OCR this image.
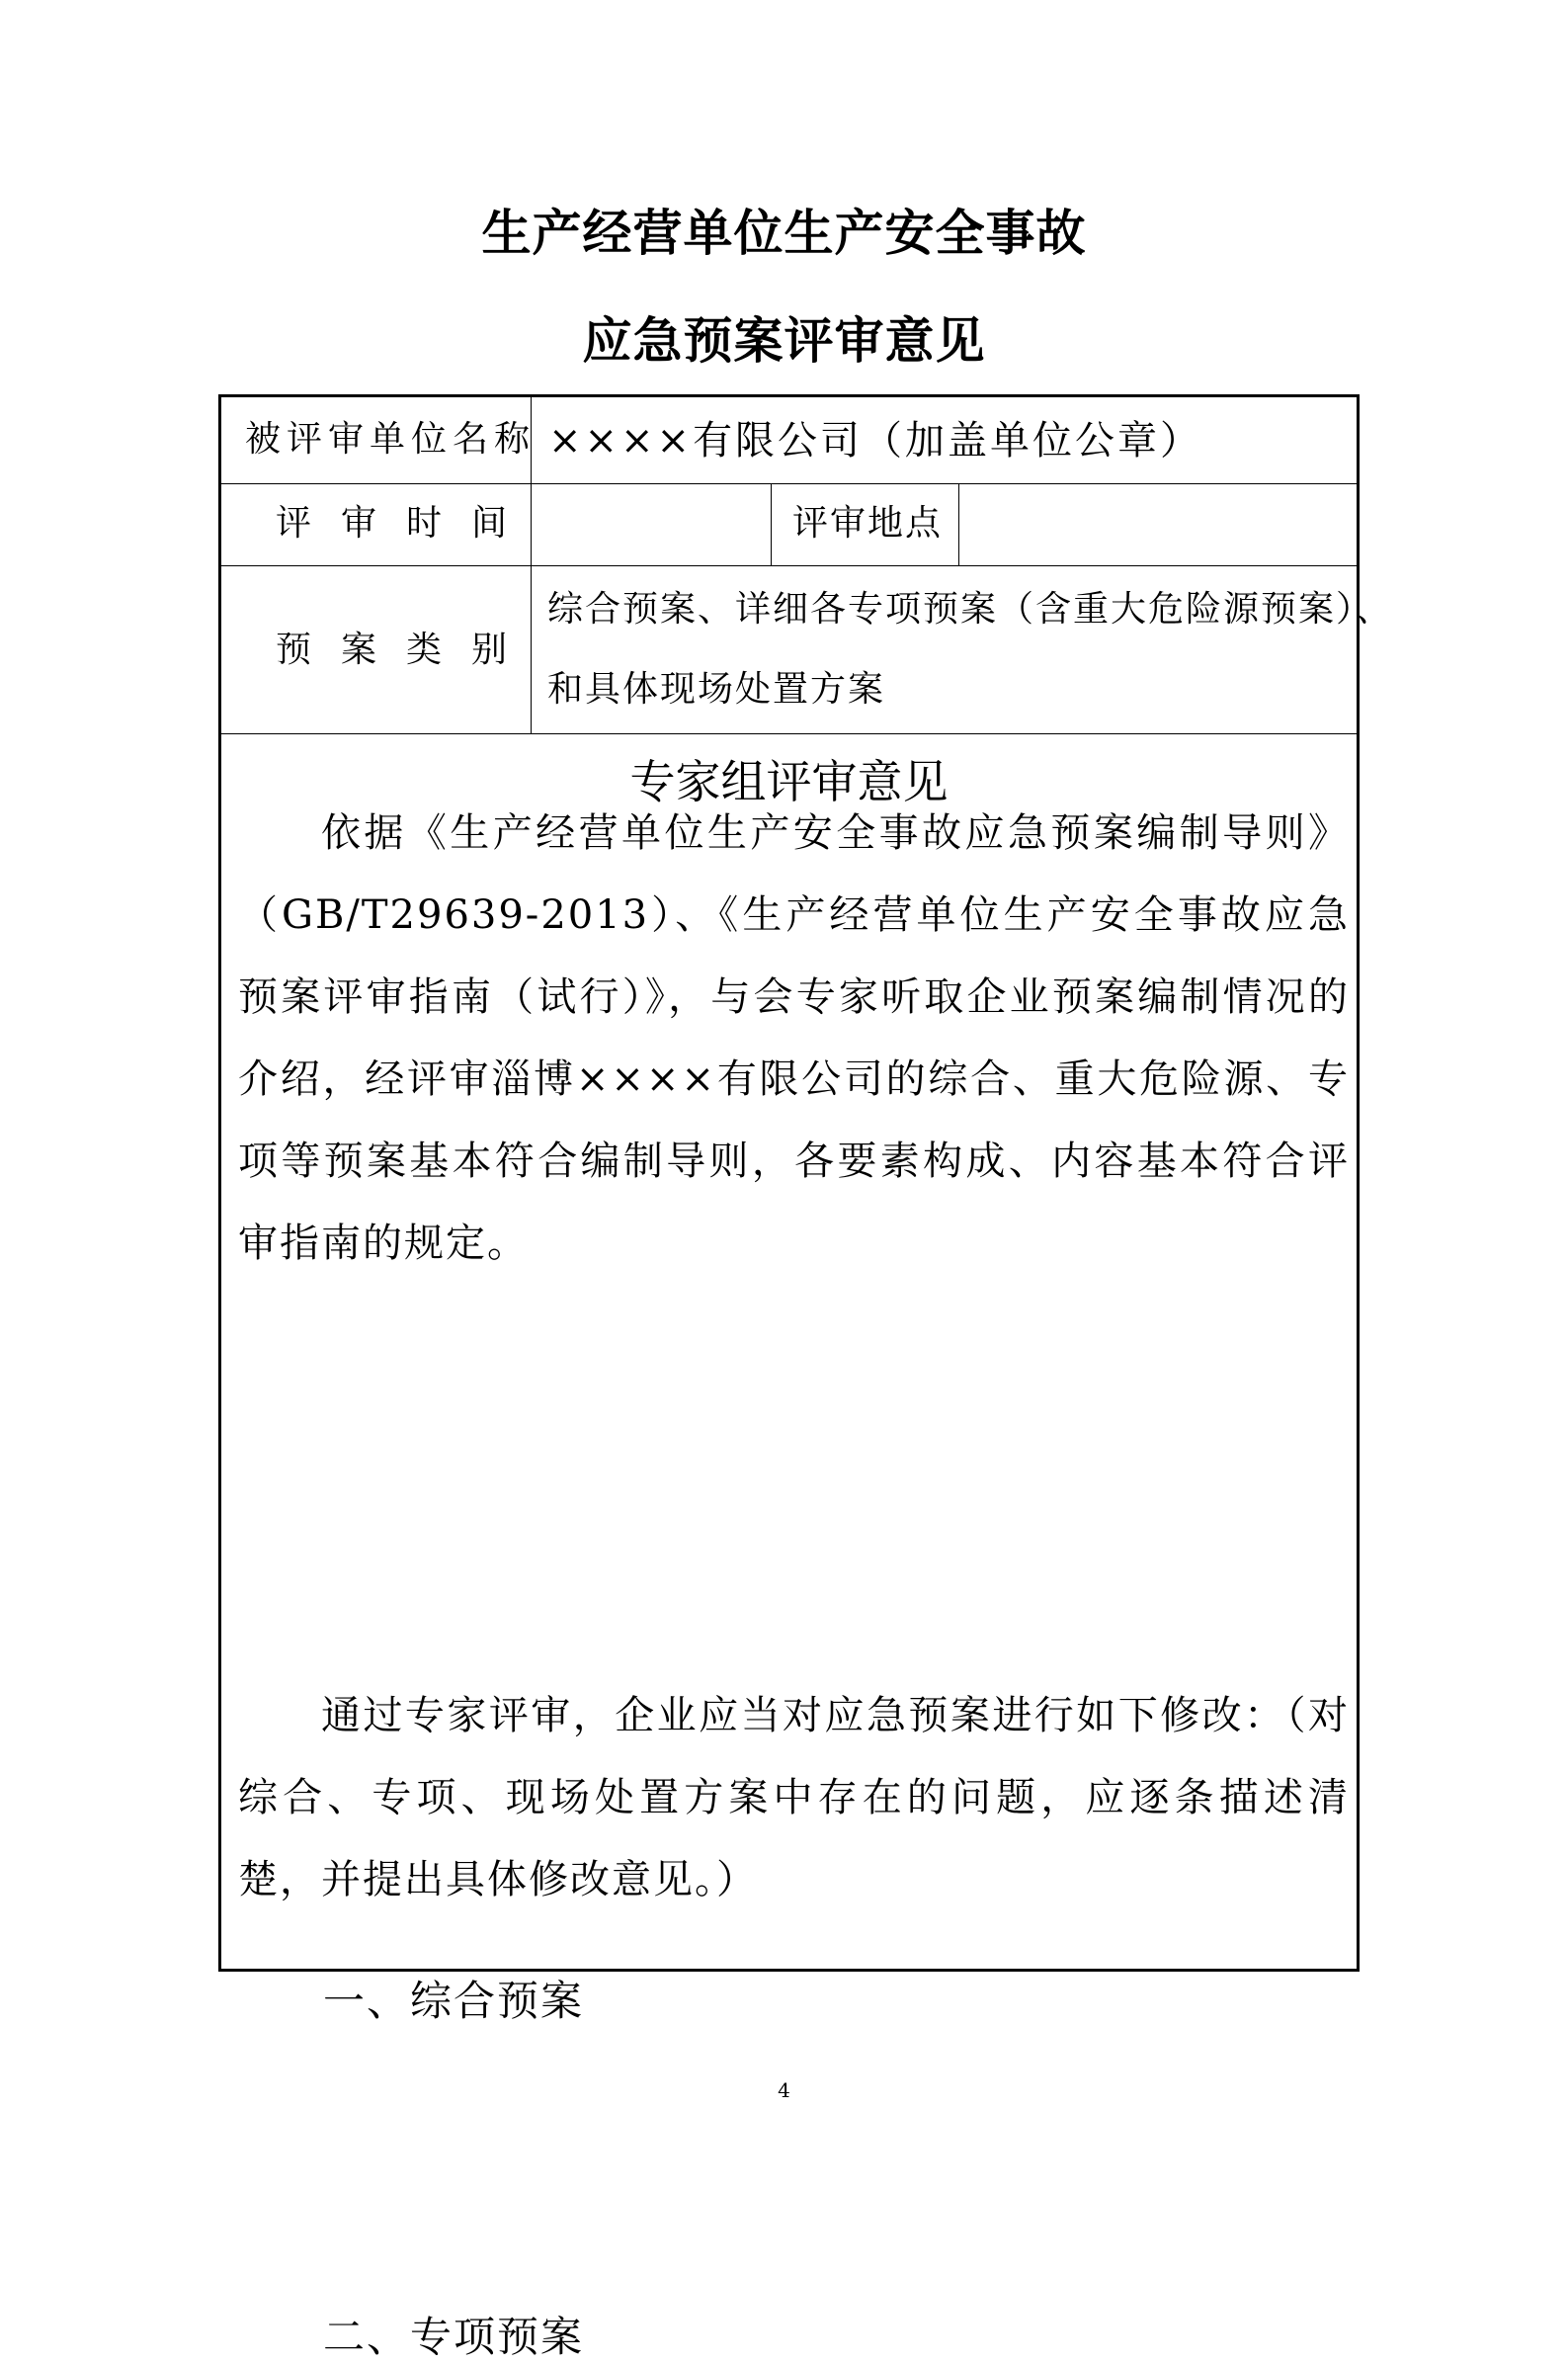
生产经营单位生产安全事故
应急预案评审意见
被评审单位名称 ××××有限公司（加盖单位公章）
评审时间	评审地点
预案类别
综合预案、详细各专项预案（含重大危险源预案）、
和具体现场处置方案
专家组评审意见
依据《生产经营单位生产安全事故应急预案编制导则》（GB/T29639-2013）、《生产经营单位生产安全事故应急预案评审指南（试行）》，与会专家听取企业预案编制情况的介绍，经评审淄博××××有限公司的综合、重大危险源、专项等预案基本符合编制导则，各要素构成、内容基本符合评审指南的规定。
通过专家评审，企业应当对应急预案进行如下修改：（对综合、专项、现场处置方案中存在的问题，应逐条描述清楚，并提出具体修改意见。）
一、综合预案
二、专项预案
4
